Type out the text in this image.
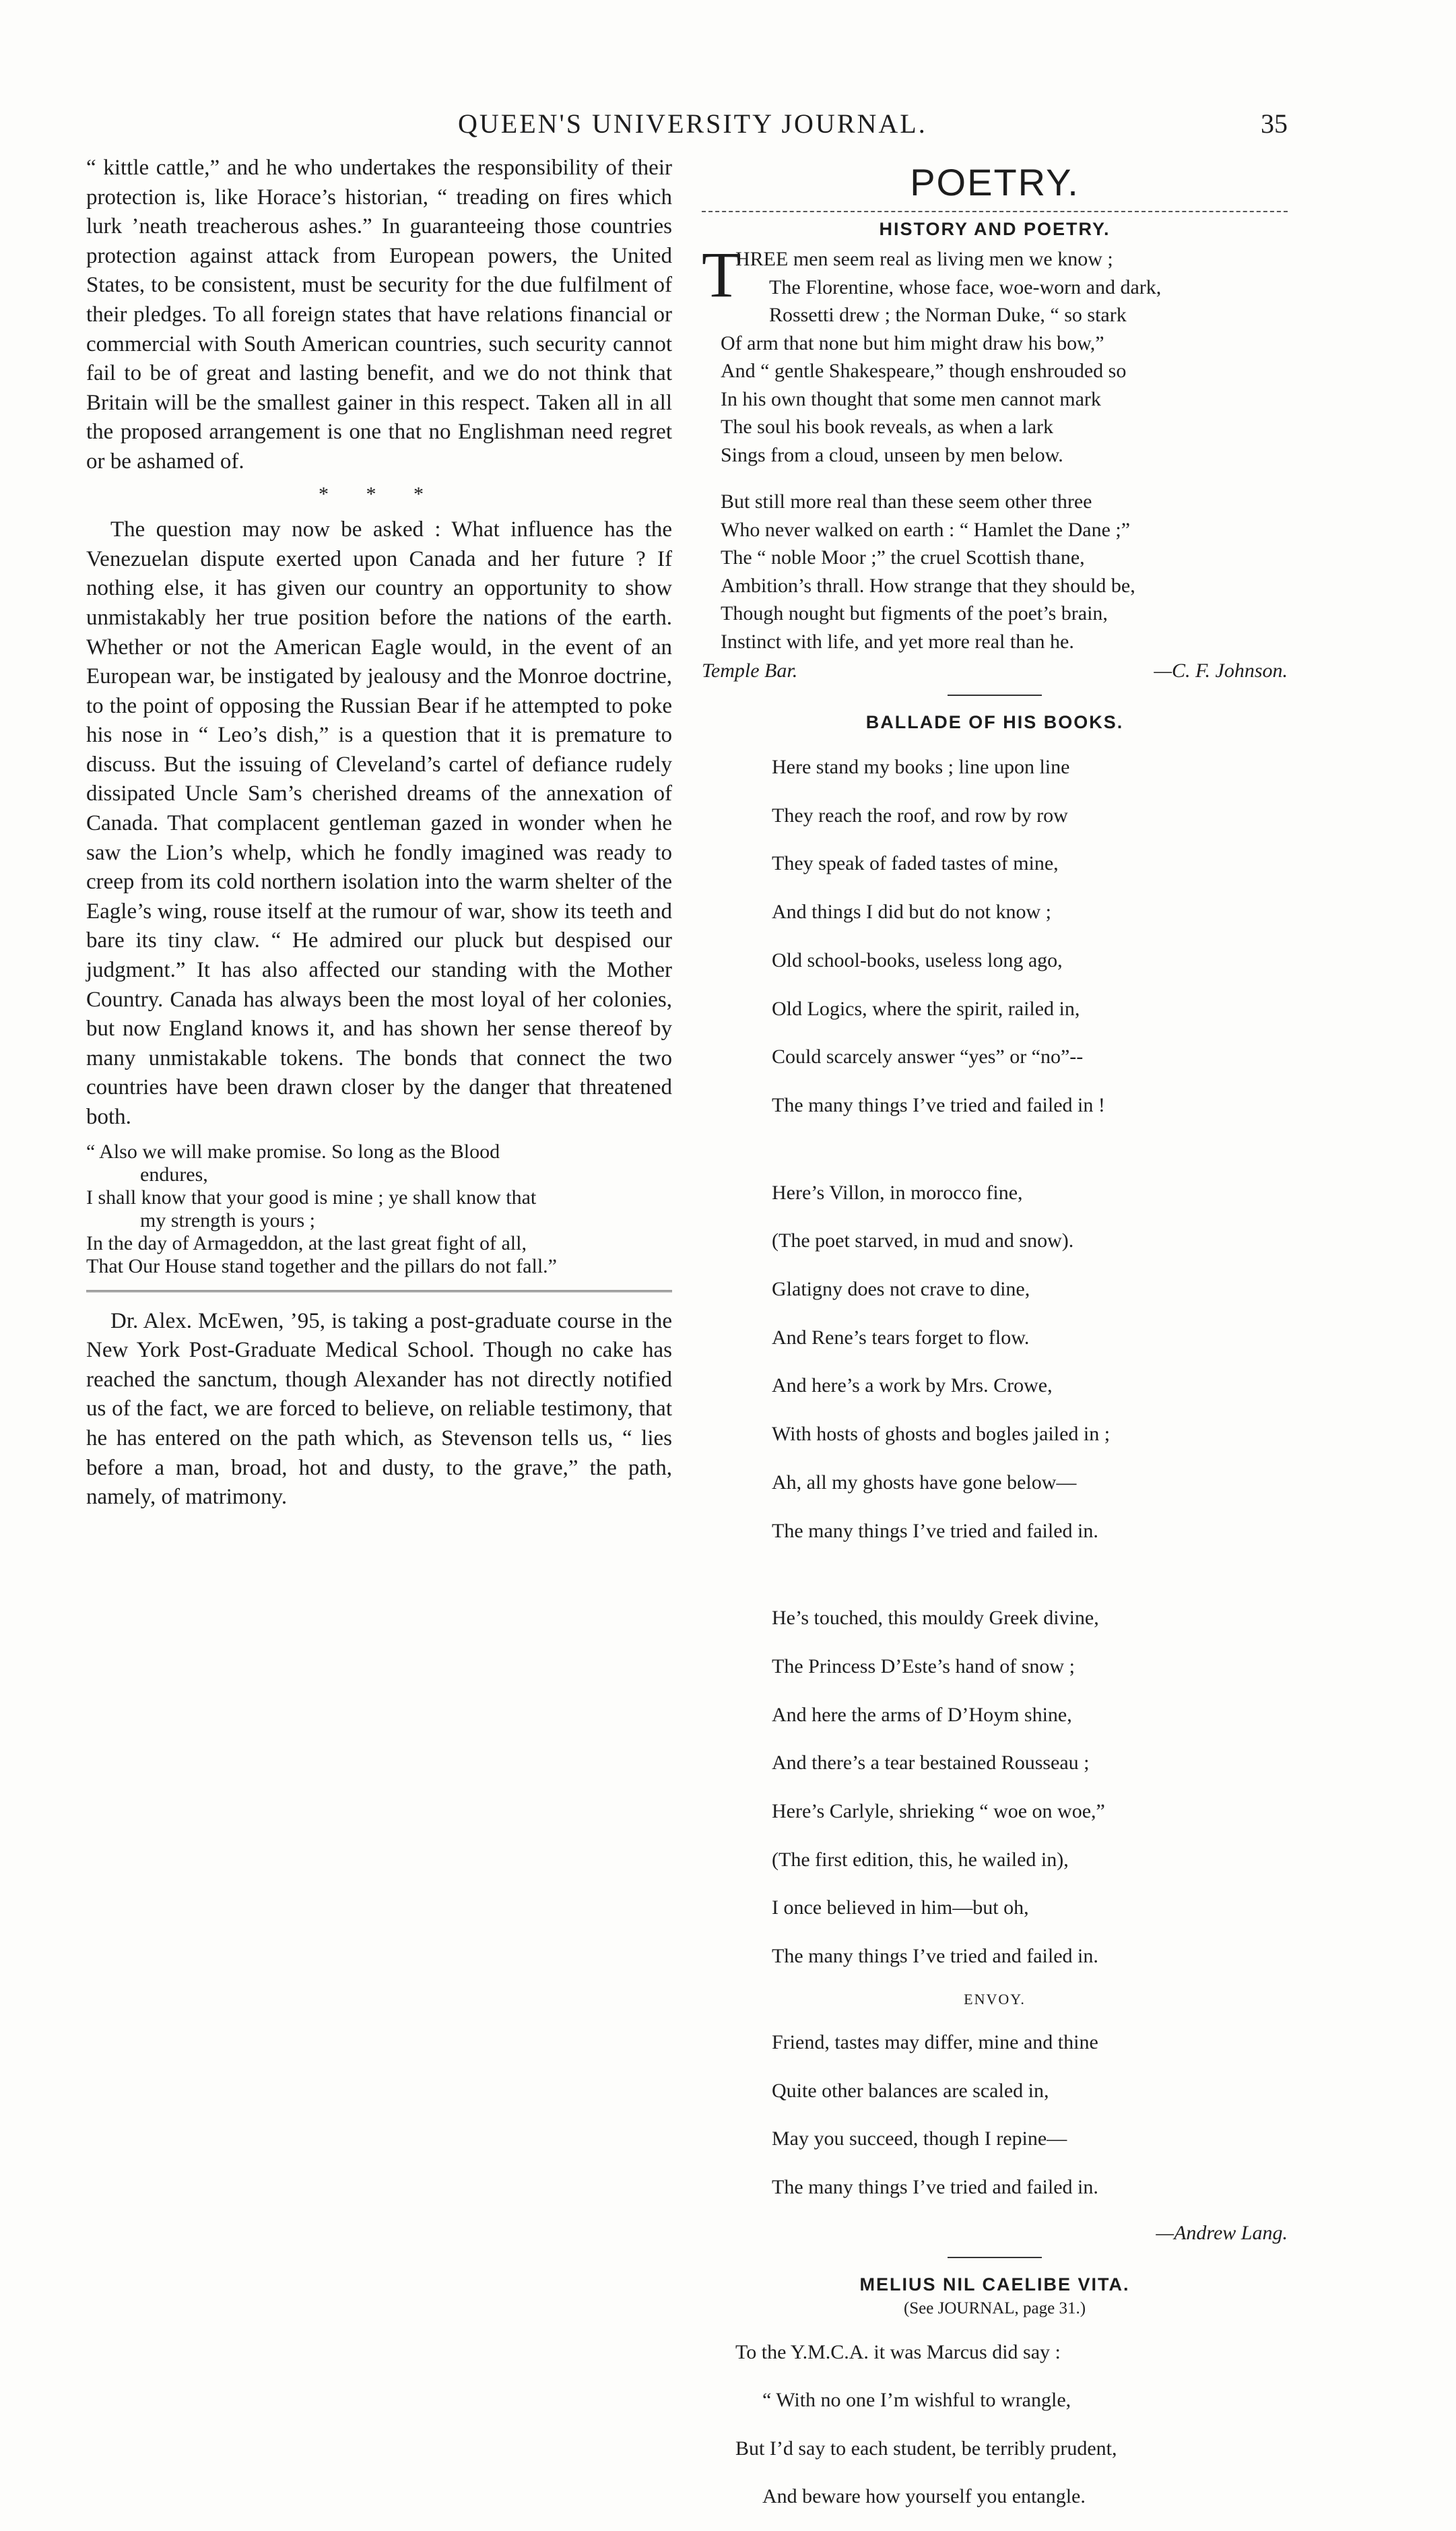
QUEEN'S UNIVERSITY JOURNAL.	35

“ kittle cattle,” and he who undertakes the responsibility of their protection is, like Horace’s historian, “ treading on fires which lurk ’neath treacherous ashes.” In guaranteeing those countries protection against attack from European powers, the United States, to be consistent, must be security for the due fulfilment of their pledges. To all foreign states that have relations financial or commercial with South American countries, such security cannot fail to be of great and lasting benefit, and we do not think that Britain will be the smallest gainer in this respect. Taken all in all the proposed arrangement is one that no Englishman need regret or be ashamed of.

* * *

The question may now be asked : What influence has the Venezuelan dispute exerted upon Canada and her future ? If nothing else, it has given our country an opportunity to show unmistakably her true position before the nations of the earth. Whether or not the American Eagle would, in the event of an European war, be instigated by jealousy and the Monroe doctrine, to the point of opposing the Russian Bear if he attempted to poke his nose in “ Leo’s dish,” is a question that it is premature to discuss. But the issuing of Cleveland’s cartel of defiance rudely dissipated Uncle Sam’s cherished dreams of the annexation of Canada. That complacent gentleman gazed in wonder when he saw the Lion’s whelp, which he fondly imagined was ready to creep from its cold northern isolation into the warm shelter of the Eagle’s wing, rouse itself at the rumour of war, show its teeth and bare its tiny claw. “ He admired our pluck but despised our judgment.” It has also affected our standing with the Mother Country. Canada has always been the most loyal of her colonies, but now England knows it, and has shown her sense thereof by many unmistakable tokens. The bonds that connect the two countries have been drawn closer by the danger that threatened both.

“ Also we will make promise. So long as the Blood

endures,

I shall know that your good is mine ; ye shall know that

my strength is yours ;

In the day of Armageddon, at the last great fight of all,

That Our House stand together and the pillars do not fall.”

Dr. Alex. McEwen, ’95, is taking a post-graduate course in the New York Post-Graduate Medical School. Though no cake has reached the sanctum, though Alexander has not directly notified us of the fact, we are forced to believe, on reliable testimony, that he has entered on the path which, as Stevenson tells us, “ lies before a man, broad, hot and dusty, to the grave,” the path, namely, of matrimony.

POETRY.
HISTORY AND POETRY.

T
HREE men seem real as living men we know ;

The Florentine, whose face, woe-worn and dark,

Rossetti drew ; the Norman Duke, “ so stark

Of arm that none but him might draw his bow,”

And “ gentle Shakespeare,” though enshrouded so

In his own thought that some men cannot mark

The soul his book reveals, as when a lark

Sings from a cloud, unseen by men below.

But still more real than these seem other three

Who never walked on earth : “ Hamlet the Dane ;”

The “ noble Moor ;” the cruel Scottish thane,

Ambition’s thrall. How strange that they should be,

Though nought but figments of the poet’s brain,

Instinct with life, and yet more real than he.

Temple Bar.	—C. F. Johnson.
BALLADE OF HIS BOOKS.

Here stand my books ; line upon line

They reach the roof, and row by row

They speak of faded tastes of mine,

And things I did but do not know ;

Old school-books, useless long ago,

Old Logics, where the spirit, railed in,

Could scarcely answer “yes” or “no”--

The many things I’ve tried and failed in !

Here’s Villon, in morocco fine,

(The poet starved, in mud and snow).

Glatigny does not crave to dine,

And Rene’s tears forget to flow.

And here’s a work by Mrs. Crowe,

With hosts of ghosts and bogles jailed in ;

Ah, all my ghosts have gone below—

The many things I’ve tried and failed in.

He’s touched, this mouldy Greek divine,

The Princess D’Este’s hand of snow ;

And here the arms of D’Hoym shine,

And there’s a tear bestained Rousseau ;

Here’s Carlyle, shrieking “ woe on woe,”

(The first edition, this, he wailed in),

I once believed in him—but oh,

The many things I’ve tried and failed in.

ENVOY.

Friend, tastes may differ, mine and thine

Quite other balances are scaled in,

May you succeed, though I repine—

The many things I’ve tried and failed in.

—Andrew Lang.
MELIUS NIL CAELIBE VITA.
(See JOURNAL, page 31.)

To the Y.M.C.A. it was Marcus did say :

“ With no one I’m wishful to wrangle,

But I’d say to each student, be terribly prudent,

And beware how yourself you entangle.
